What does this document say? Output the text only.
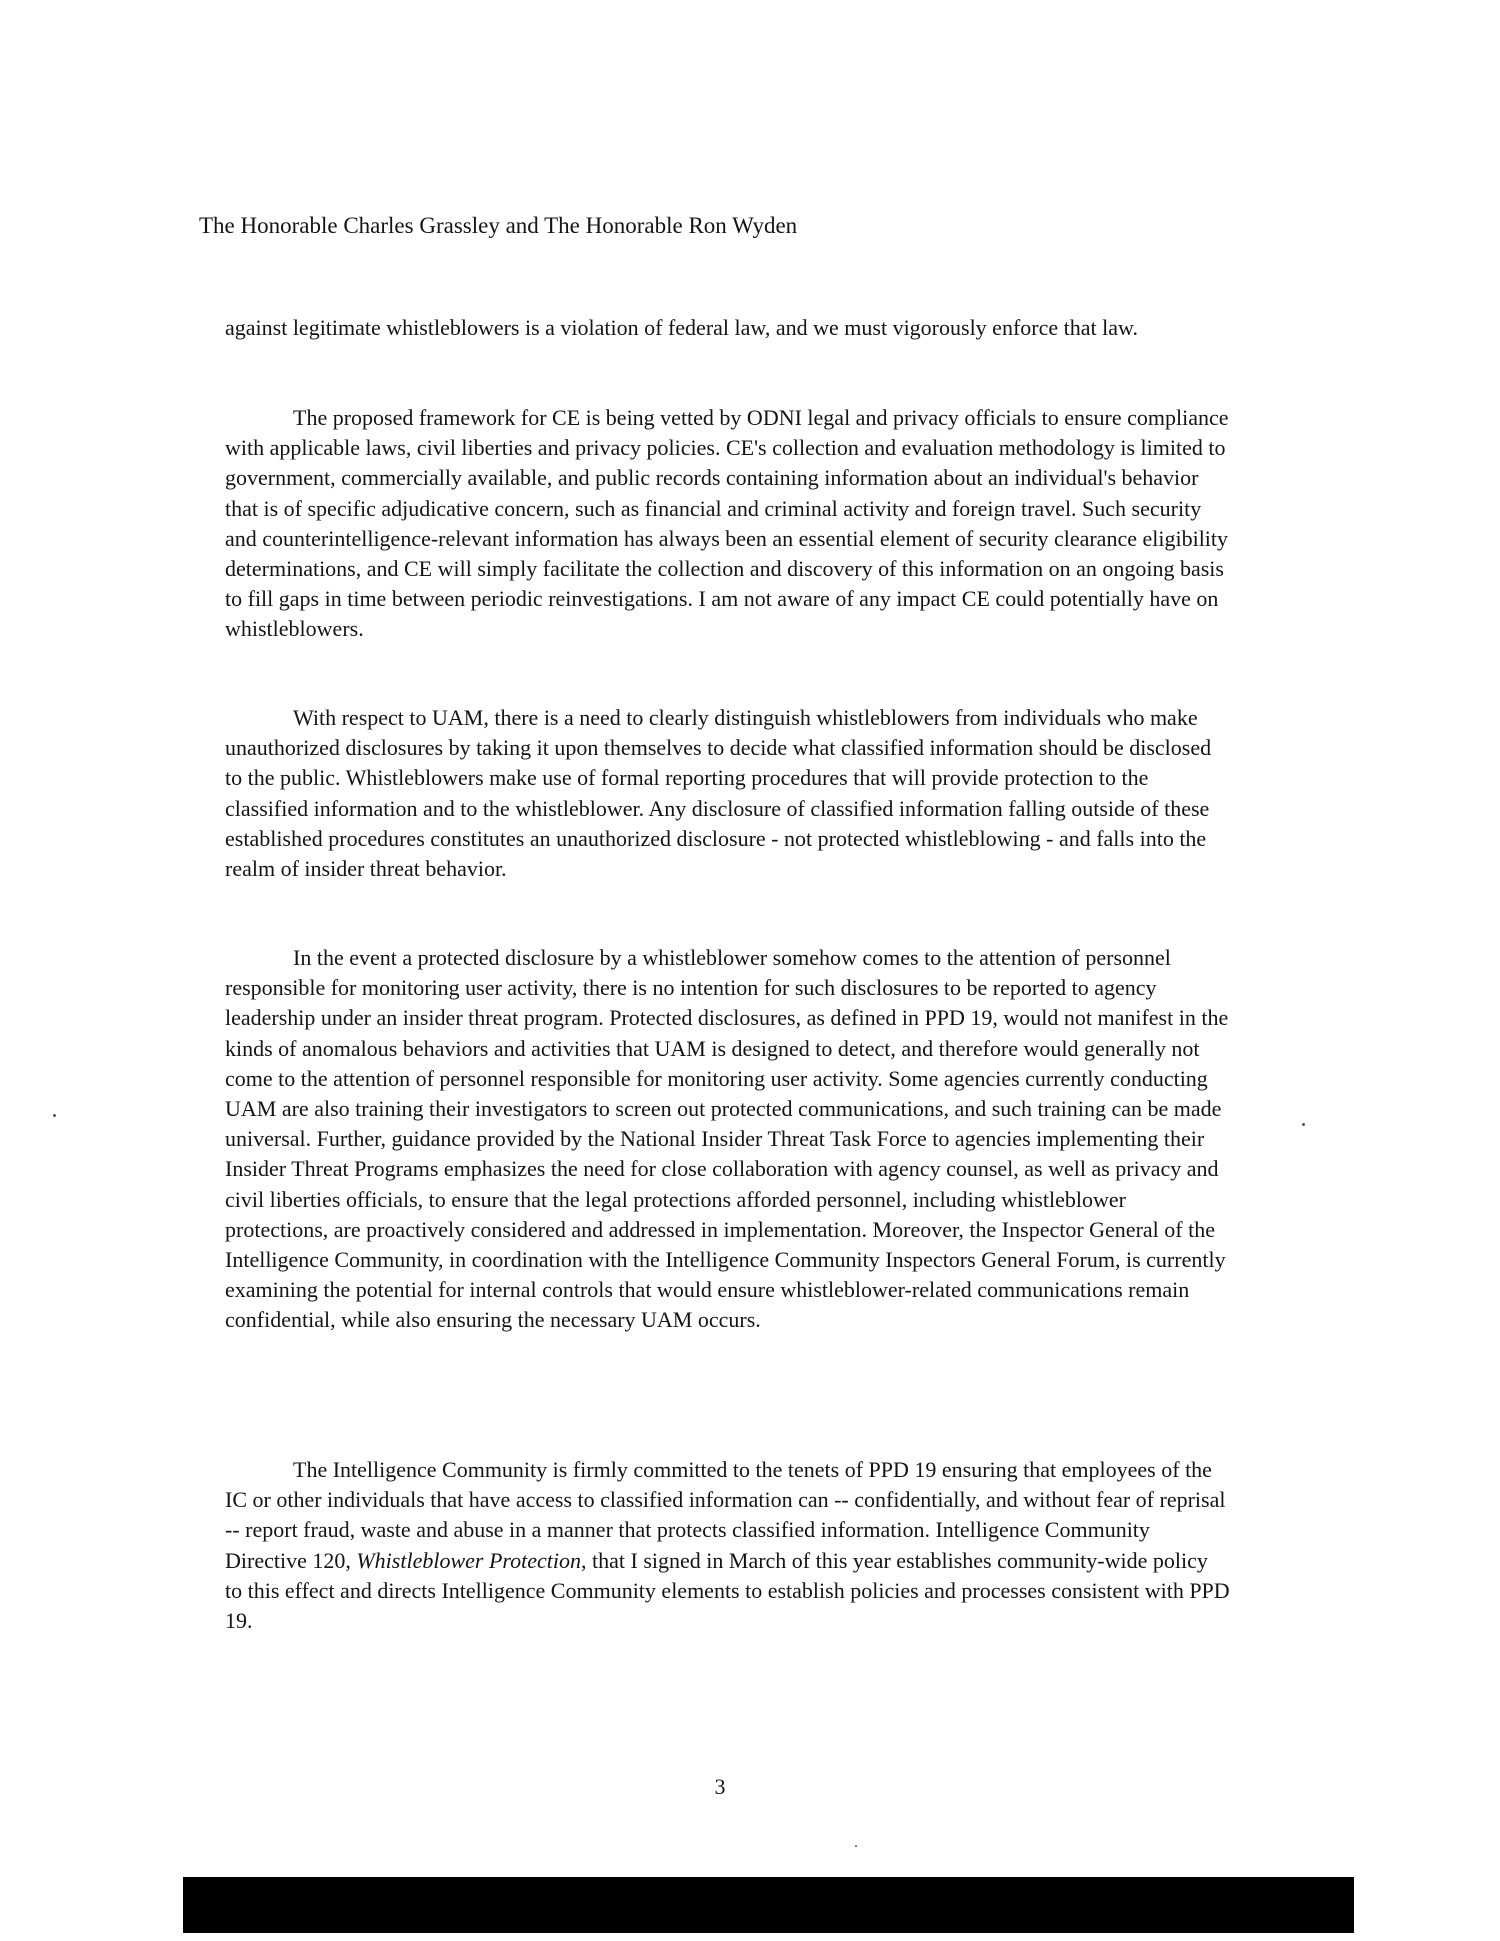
The Honorable Charles Grassley and The Honorable Ron Wyden

against legitimate whistleblowers is a violation of federal law, and we must vigorously enforce that law.

The proposed framework for CE is being vetted by ODNI legal and privacy officials to ensure compliance with applicable laws, civil liberties and privacy policies. CE's collection and evaluation methodology is limited to government, commercially available, and public records containing information about an individual's behavior that is of specific adjudicative concern, such as financial and criminal activity and foreign travel. Such security and counterintelligence-relevant information has always been an essential element of security clearance eligibility determinations, and CE will simply facilitate the collection and discovery of this information on an ongoing basis to fill gaps in time between periodic reinvestigations. I am not aware of any impact CE could potentially have on whistleblowers.

With respect to UAM, there is a need to clearly distinguish whistleblowers from individuals who make unauthorized disclosures by taking it upon themselves to decide what classified information should be disclosed to the public. Whistleblowers make use of formal reporting procedures that will provide protection to the classified information and to the whistleblower. Any disclosure of classified information falling outside of these established procedures constitutes an unauthorized disclosure - not protected whistleblowing - and falls into the realm of insider threat behavior.

In the event a protected disclosure by a whistleblower somehow comes to the attention of personnel responsible for monitoring user activity, there is no intention for such disclosures to be reported to agency leadership under an insider threat program. Protected disclosures, as defined in PPD 19, would not manifest in the kinds of anomalous behaviors and activities that UAM is designed to detect, and therefore would generally not come to the attention of personnel responsible for monitoring user activity. Some agencies currently conducting UAM are also training their investigators to screen out protected communications, and such training can be made universal. Further, guidance provided by the National Insider Threat Task Force to agencies implementing their Insider Threat Programs emphasizes the need for close collaboration with agency counsel, as well as privacy and civil liberties officials, to ensure that the legal protections afforded personnel, including whistleblower protections, are proactively considered and addressed in implementation. Moreover, the Inspector General of the Intelligence Community, in coordination with the Intelligence Community Inspectors General Forum, is currently examining the potential for internal controls that would ensure whistleblower-related communications remain confidential, while also ensuring the necessary UAM occurs.

The Intelligence Community is firmly committed to the tenets of PPD 19 ensuring that employees of the IC or other individuals that have access to classified information can -- confidentially, and without fear of reprisal -- report fraud, waste and abuse in a manner that protects classified information. Intelligence Community Directive 120, Whistleblower Protection, that I signed in March of this year establishes community-wide policy to this effect and directs Intelligence Community elements to establish policies and processes consistent with PPD 19.

3
